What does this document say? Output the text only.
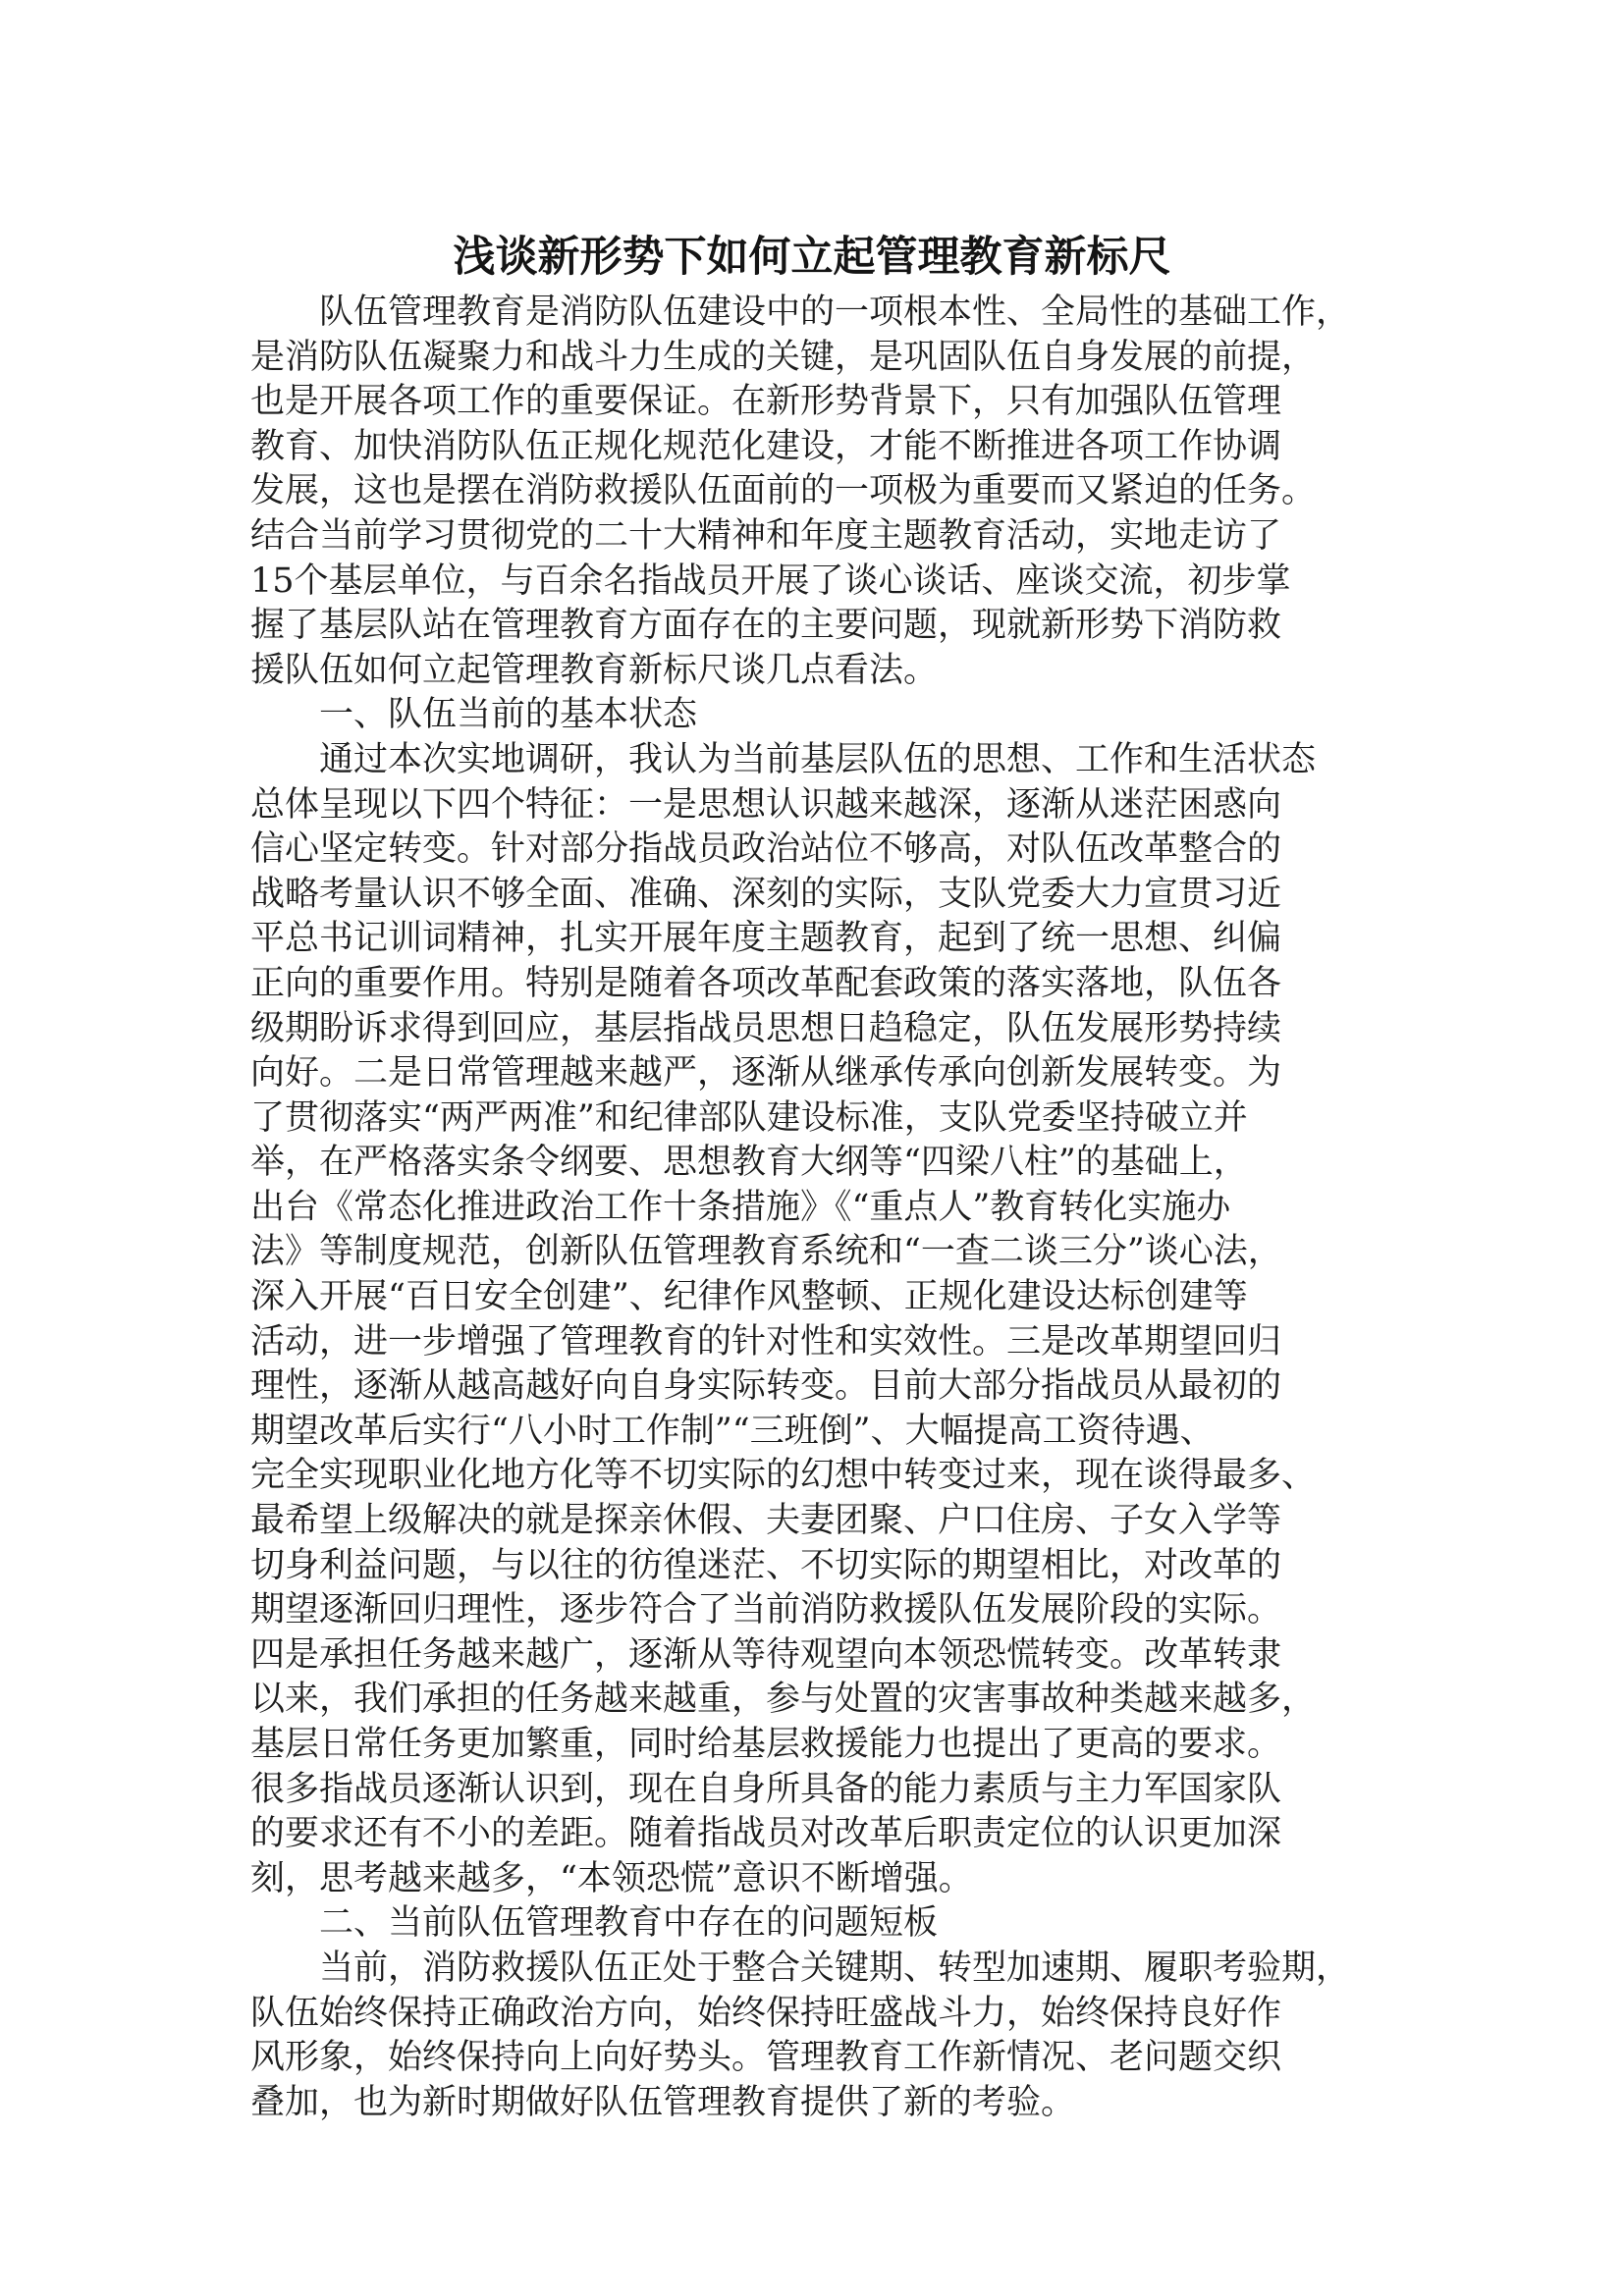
浅谈新形势下如何立起管理教育新标尺
队伍管理教育是消防队伍建设中的一项根本性、全局性的基础工作，
是消防队伍凝聚力和战斗力生成的关键，是巩固队伍自身发展的前提，
也是开展各项工作的重要保证。在新形势背景下，只有加强队伍管理
教育、加快消防队伍正规化规范化建设，才能不断推进各项工作协调
发展，这也是摆在消防救援队伍面前的一项极为重要而又紧迫的任务。
结合当前学习贯彻党的二十大精神和年度主题教育活动，实地走访了
15个基层单位，与百余名指战员开展了谈心谈话、座谈交流，初步掌
握了基层队站在管理教育方面存在的主要问题，现就新形势下消防救
援队伍如何立起管理教育新标尺谈几点看法。
一、队伍当前的基本状态
通过本次实地调研，我认为当前基层队伍的思想、工作和生活状态
总体呈现以下四个特征：一是思想认识越来越深，逐渐从迷茫困惑向
信心坚定转变。针对部分指战员政治站位不够高，对队伍改革整合的
战略考量认识不够全面、准确、深刻的实际，支队党委大力宣贯习近
平总书记训词精神，扎实开展年度主题教育，起到了统一思想、纠偏
正向的重要作用。特别是随着各项改革配套政策的落实落地，队伍各
级期盼诉求得到回应，基层指战员思想日趋稳定，队伍发展形势持续
向好。二是日常管理越来越严，逐渐从继承传承向创新发展转变。为
了贯彻落实“两严两准”和纪律部队建设标准，支队党委坚持破立并
举，在严格落实条令纲要、思想教育大纲等“四梁八柱”的基础上，
出台《常态化推进政治工作十条措施》《“重点人”教育转化实施办
法》等制度规范，创新队伍管理教育系统和“一查二谈三分”谈心法，
深入开展“百日安全创建”、纪律作风整顿、正规化建设达标创建等
活动，进一步增强了管理教育的针对性和实效性。三是改革期望回归
理性，逐渐从越高越好向自身实际转变。目前大部分指战员从最初的
期望改革后实行“八小时工作制”“三班倒”、大幅提高工资待遇、
完全实现职业化地方化等不切实际的幻想中转变过来，现在谈得最多、
最希望上级解决的就是探亲休假、夫妻团聚、户口住房、子女入学等
切身利益问题，与以往的彷徨迷茫、不切实际的期望相比，对改革的
期望逐渐回归理性，逐步符合了当前消防救援队伍发展阶段的实际。
四是承担任务越来越广，逐渐从等待观望向本领恐慌转变。改革转隶
以来，我们承担的任务越来越重，参与处置的灾害事故种类越来越多，
基层日常任务更加繁重，同时给基层救援能力也提出了更高的要求。
很多指战员逐渐认识到，现在自身所具备的能力素质与主力军国家队
的要求还有不小的差距。随着指战员对改革后职责定位的认识更加深
刻，思考越来越多，“本领恐慌”意识不断增强。
二、当前队伍管理教育中存在的问题短板
当前，消防救援队伍正处于整合关键期、转型加速期、履职考验期，
队伍始终保持正确政治方向，始终保持旺盛战斗力，始终保持良好作
风形象，始终保持向上向好势头。管理教育工作新情况、老问题交织
叠加，也为新时期做好队伍管理教育提供了新的考验。
